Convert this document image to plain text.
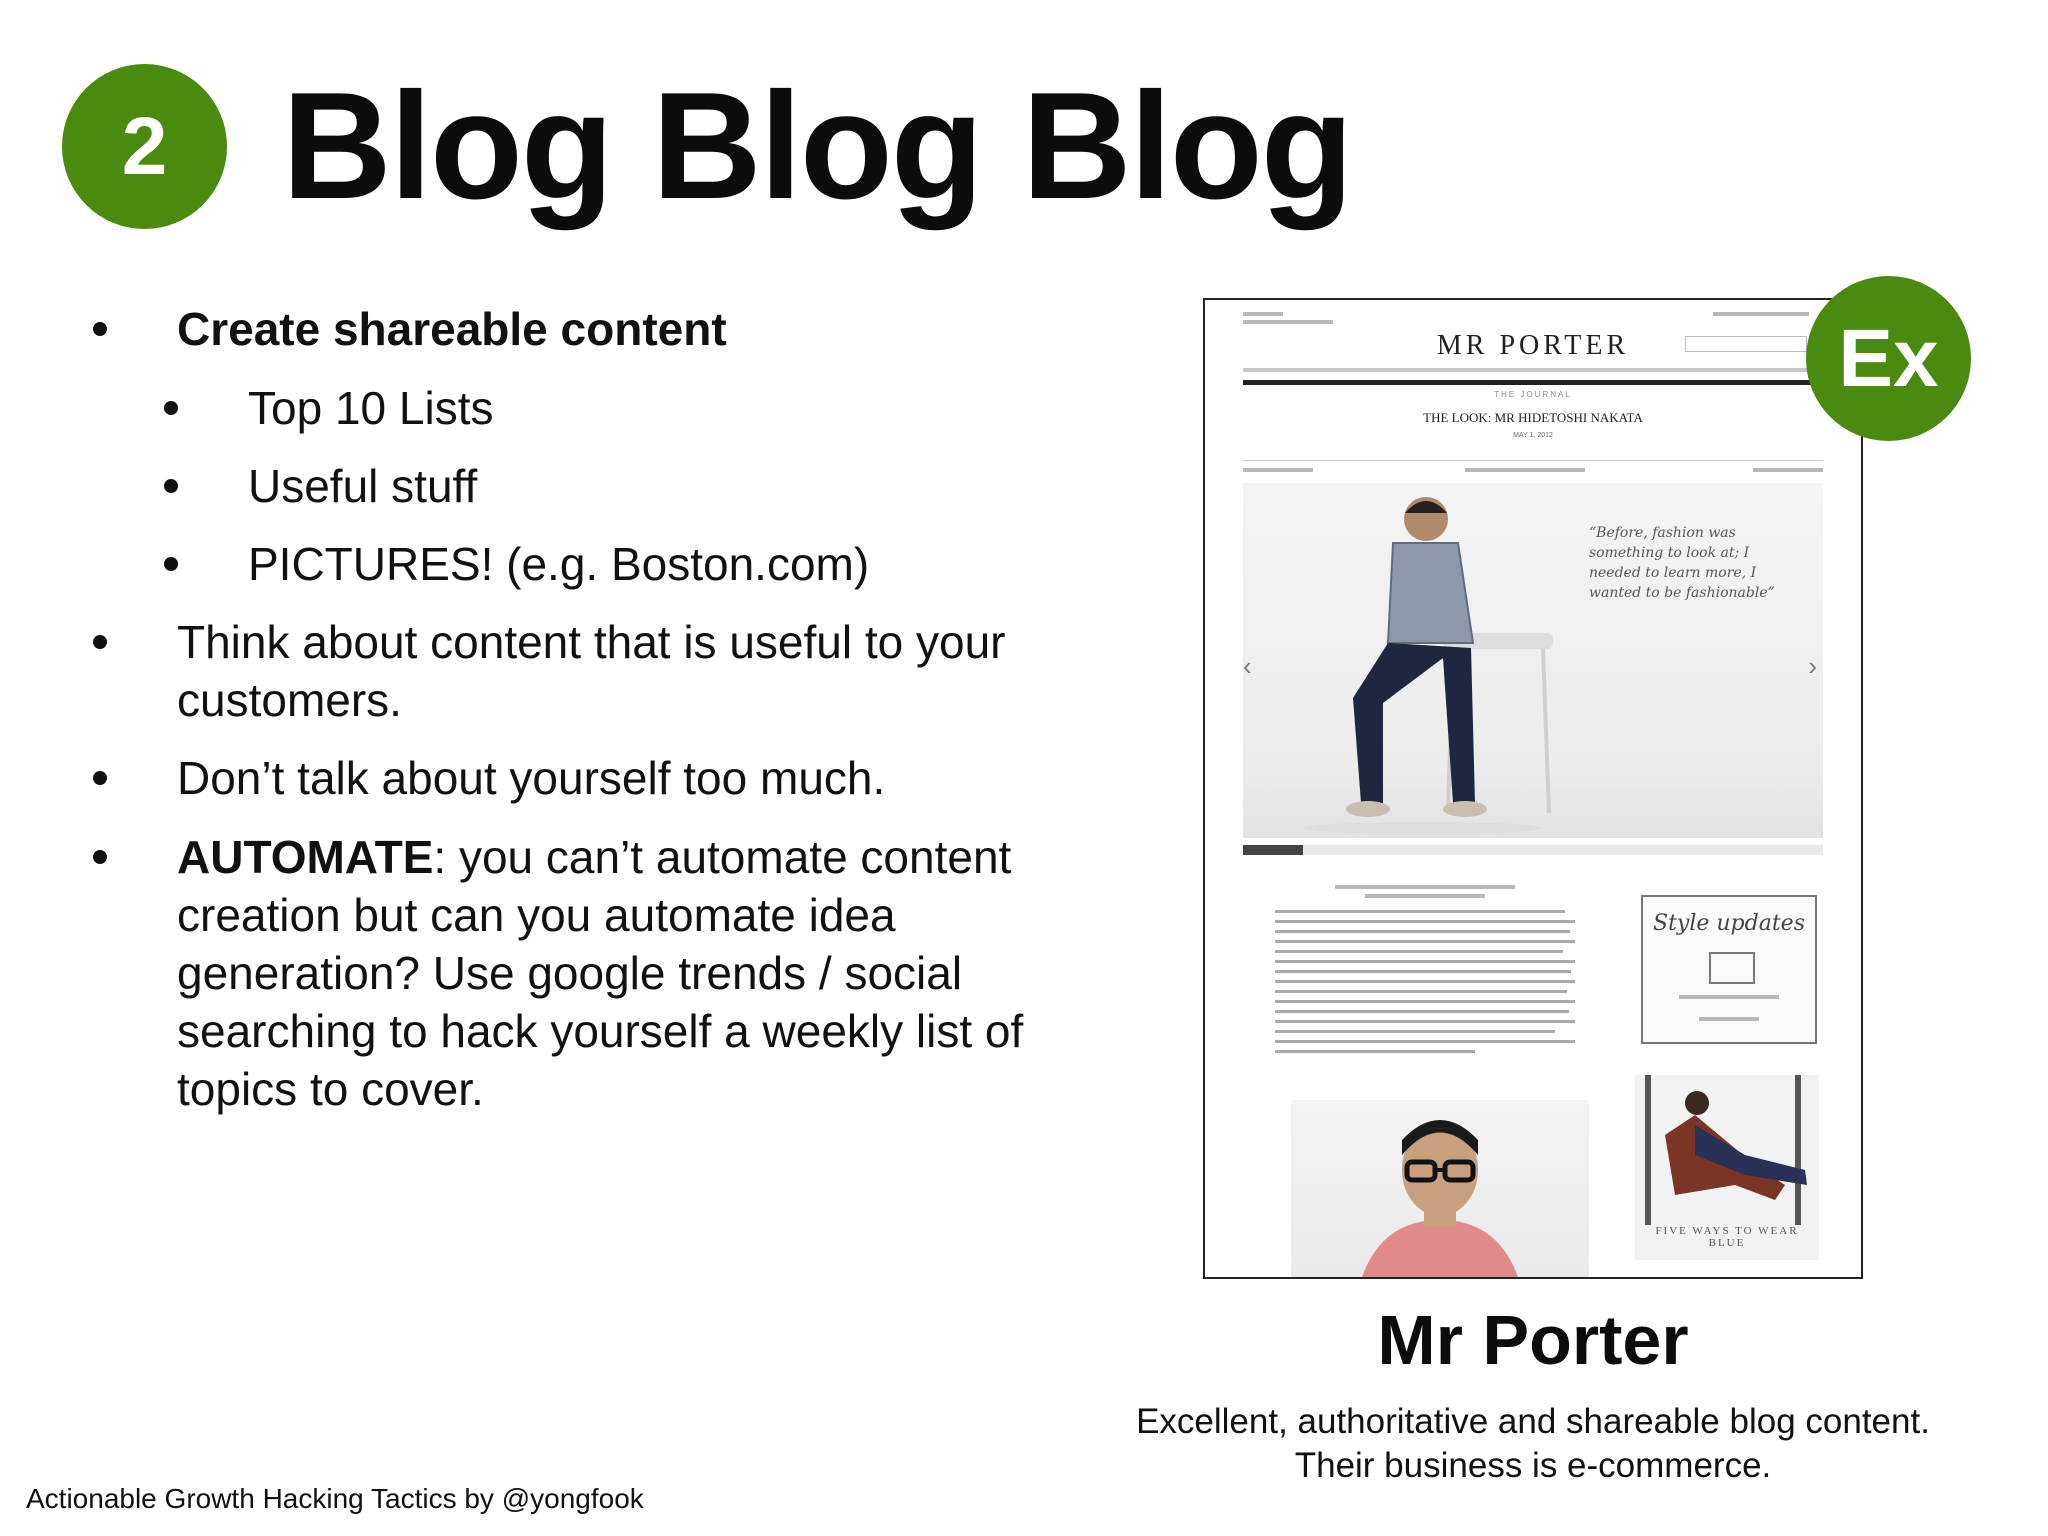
2 Blog Blog Blog
Create shareable content
Top 10 Lists
Useful stuff
PICTURES! (e.g. Boston.com)
Think about content that is useful to your customers.
Don’t talk about yourself too much.
AUTOMATE: you can’t automate content creation but can you automate idea generation? Use google trends / social searching to hack yourself a weekly list of topics to cover.
MR PORTER
THE JOURNAL
THE LOOK: MR HIDETOSHI NAKATA
MAY 1, 2012
“Before, fashion was something to look at; I needed to learn more, I wanted to be fashionable”
‹	›
Style updates
FIVE WAYS TO WEAR BLUE
Ex
Mr Porter
Excellent, authoritative and shareable blog content.
Their business is e-commerce.
Actionable Growth Hacking Tactics by @yongfook
